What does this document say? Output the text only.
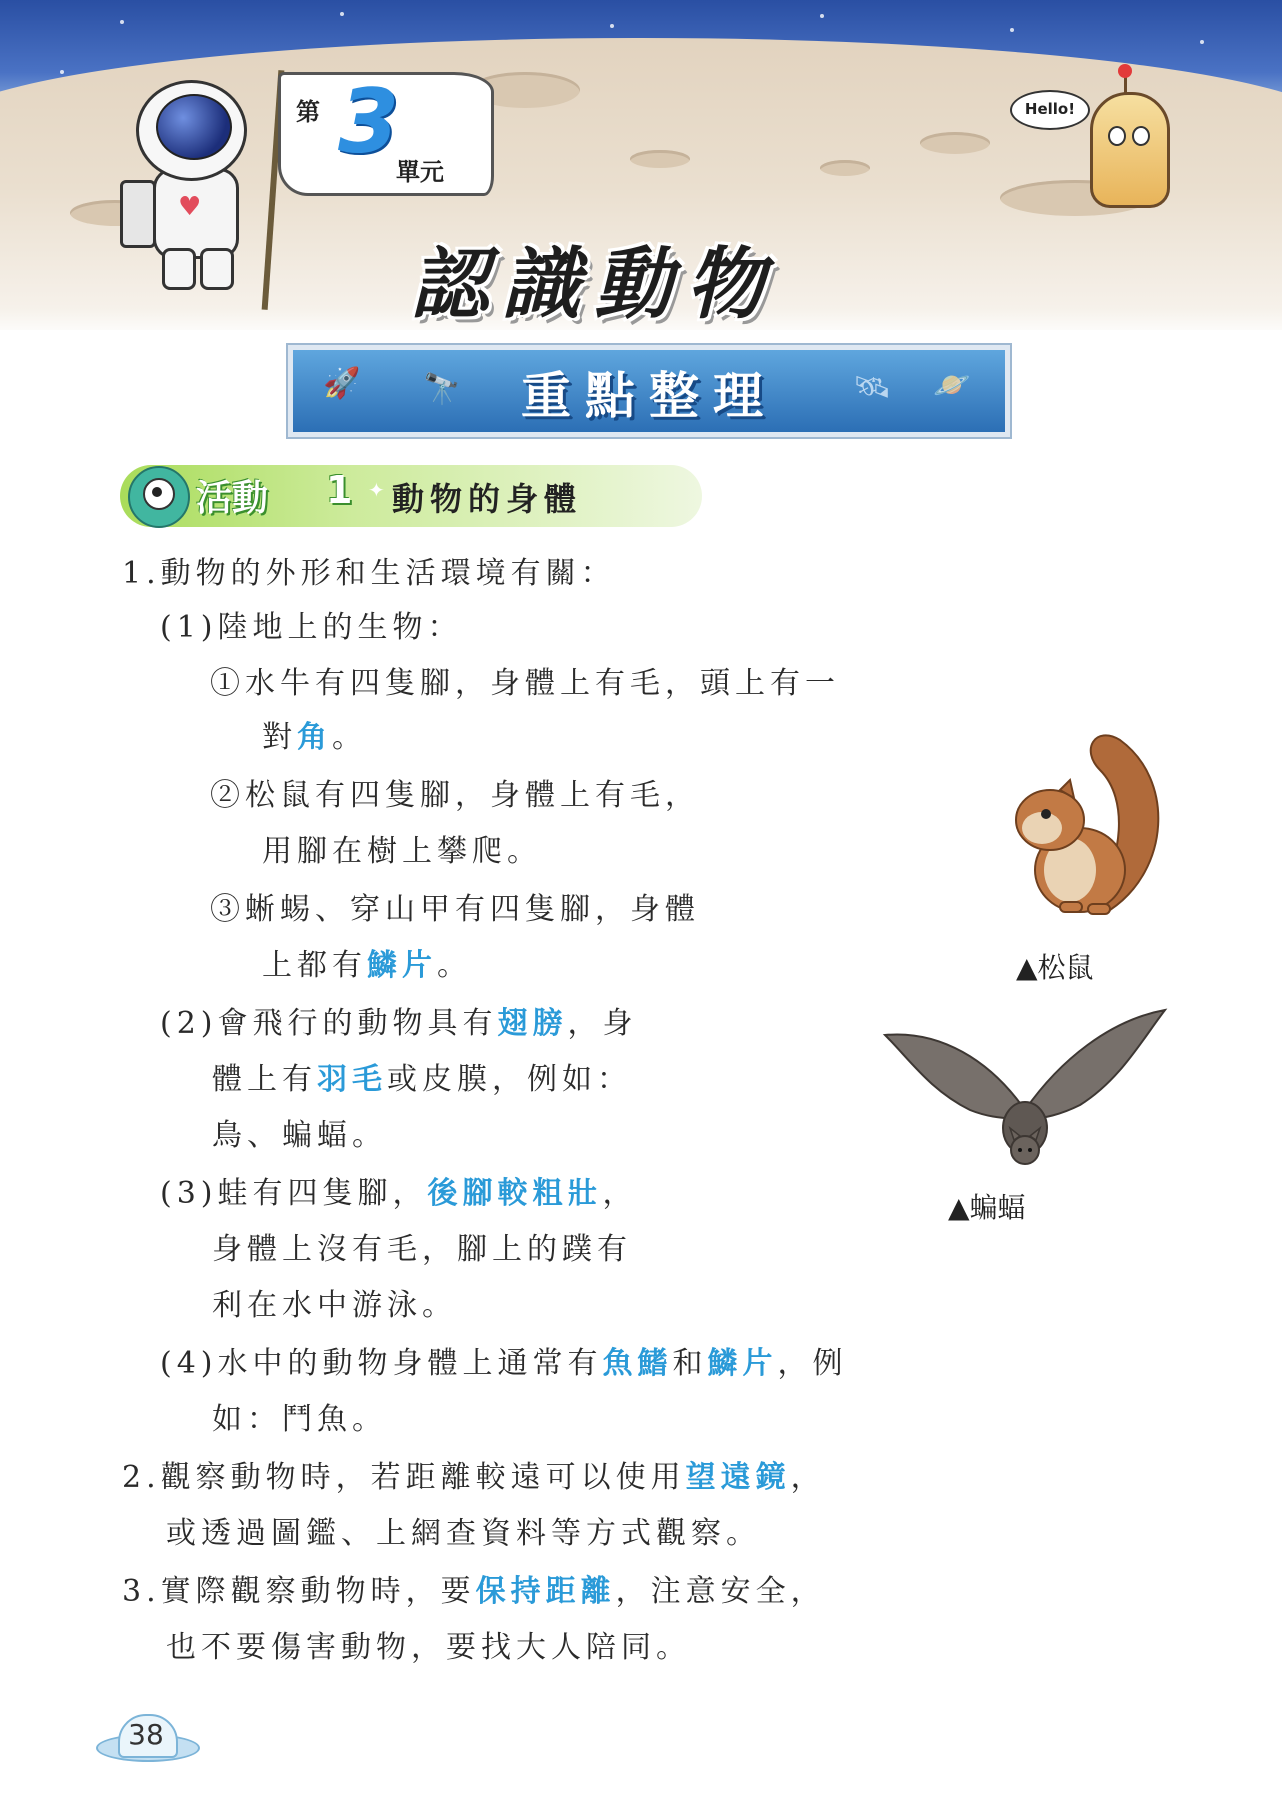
♥
第 3
單元
認識動物
Hello!
🚀 🔭	🛰 🪐
重點整理
活動 1 ✦ 動物的身體
1.動物的外形和生活環境有關：
(1)陸地上的生物：
①水牛有四隻腳，身體上有毛，頭上有一
對角。
②松鼠有四隻腳，身體上有毛，
用腳在樹上攀爬。
③蜥蜴、穿山甲有四隻腳，身體
上都有鱗片。
(2)會飛行的動物具有翅膀，身
體上有羽毛或皮膜，例如：
鳥、蝙蝠。
(3)蛙有四隻腳，後腳較粗壯，
身體上沒有毛，腳上的蹼有
利在水中游泳。
(4)水中的動物身體上通常有魚鰭和鱗片，例
如：鬥魚。
2.觀察動物時，若距離較遠可以使用望遠鏡，
或透過圖鑑、上網查資料等方式觀察。
3.實際觀察動物時，要保持距離，注意安全，
也不要傷害動物，要找大人陪同。
▲松鼠
▲蝙蝠
38
